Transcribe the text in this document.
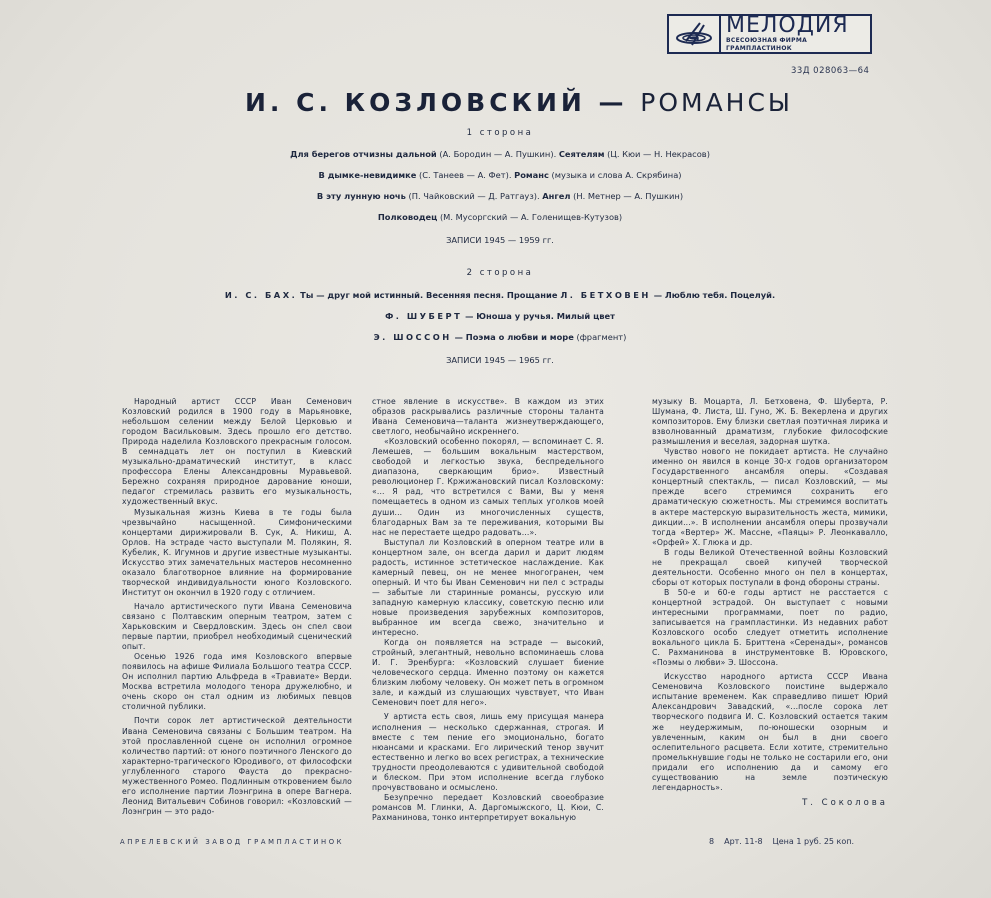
МЕЛОДИЯ
ВСЕСОЮЗНАЯ ФИРМА ГРАМПЛАСТИНОК
33Д 028063—64
И. С. КОЗЛОВСКИЙ — РОМАНСЫ
1 сторона
Для берегов отчизны дальной (А. Бородин — А. Пушкин). Сеятелям (Ц. Кюи — Н. Некрасов)
В дымке-невидимке (С. Танеев — А. Фет). Романс (музыка и слова А. Скрябина)
В эту лунную ночь (П. Чайковский — Д. Ратгауз). Ангел (Н. Метнер — А. Пушкин)
Полководец (М. Мусоргский — А. Голенищев-Кутузов)
ЗАПИСИ 1945 — 1959 гг.
2 сторона
И. С. БАХ. Ты — друг мой истинный. Весенняя песня. Прощание Л. БЕТХОВЕН — Люблю тебя. Поцелуй.
Ф. ШУБЕРТ — Юноша у ручья. Милый цвет
Э. ШОССОН — Поэма о любви и море (фрагмент)
ЗАПИСИ 1945 — 1965 гг.

Народный артист СССР Иван Семенович Козловский родился в 1900 году в Марьяновке, небольшом селении между Белой Церковью и городом Васильковым. Здесь прошло его детство. Природа наделила Козловского прекрасным голосом. В семнадцать лет он поступил в Киевский музыкально-драматический институт, в класс профессора Елены Александровны Муравьевой. Бережно сохраняя природное дарование юноши, педагог стремилась развить его музыкальность, художественный вкус.

Музыкальная жизнь Киева в те годы была чрезвычайно насыщенной. Симфоническими концертами дирижировали В. Сук, А. Никиш, А. Орлов. На эстраде часто выступали М. Полякин, Я. Кубелик, К. Игумнов и другие известные музыканты. Искусство этих замечательных мастеров несомненно оказало благотворное влияние на формирование творческой индивидуальности юного Козловского. Институт он окончил в 1920 году с отличием.

Начало артистического пути Ивана Семеновича связано с Полтавским оперным театром, затем с Харьковским и Свердловским. Здесь он спел свои первые партии, приобрел необходимый сценический опыт.

Осенью 1926 года имя Козловского впервые появилось на афише Филиала Большого театра СССР. Он исполнил партию Альфреда в «Травиате» Верди. Москва встретила молодого тенора дружелюбно, и очень скоро он стал одним из любимых певцов столичной публики.

Почти сорок лет артистической деятельности Ивана Семеновича связаны с Большим театром. На этой прославленной сцене он исполнил огромное количество партий: от юного поэтичного Ленского до характерно-трагического Юродивого, от философски углубленного старого Фауста до прекрасно-мужественного Ромео. Подлинным откровением было его исполнение партии Лоэнгрина в опере Вагнера. Леонид Витальевич Собинов говорил: «Козловский — Лоэнгрин — это радо-

стное явление в искусстве». В каждом из этих образов раскрывались различные стороны таланта Ивана Семеновича—таланта жизнеутверждающего, светлого, необычайно искреннего.

«Козловский особенно покорял, — вспоминает С. Я. Лемешев, — большим вокальным мастерством, свободой и легкостью звука, беспредельного диапазона, сверкающим брио». Известный революционер Г. Кржижановский писал Козловскому: «... Я рад, что встретился с Вами, Вы у меня помещаетесь в одном из самых теплых уголков моей души... Один из многочисленных существ, благодарных Вам за те переживания, которыми Вы нас не перестаете щедро радовать...».

Выступал ли Козловский в оперном театре или в концертном зале, он всегда дарил и дарит людям радость, истинное эстетическое наслаждение. Как камерный певец, он не менее многогранен, чем оперный. И что бы Иван Семенович ни пел с эстрады — забытые ли старинные романсы, русскую или западную камерную классику, советскую песню или новые произведения зарубежных композиторов, выбранное им всегда свежо, значительно и интересно.

Когда он появляется на эстраде — высокий, стройный, элегантный, невольно вспоминаешь слова И. Г. Эренбурга: «Козловский слушает биение человеческого сердца. Именно поэтому он кажется близким любому человеку. Он может петь в огромном зале, и каждый из слушающих чувствует, что Иван Семенович поет для него».

У артиста есть своя, лишь ему присущая манера исполнения — несколько сдержанная, строгая. И вместе с тем пение его эмоционально, богато нюансами и красками. Его лирический тенор звучит естественно и легко во всех регистрах, а технические трудности преодолеваются с удивительной свободой и блеском. При этом исполнение всегда глубоко прочувствовано и осмыслено.

Безупречно передает Козловский своеобразие романсов М. Глинки, А. Даргомыжского, Ц. Кюи, С. Рахманинова, тонко интерпретирует вокальную

музыку В. Моцарта, Л. Бетховена, Ф. Шуберта, Р. Шумана, Ф. Листа, Ш. Гуно, Ж. Б. Векерлена и других композиторов. Ему близки светлая поэтичная лирика и взволнованный драматизм, глубокие философские размышления и веселая, задорная шутка.

Чувство нового не покидает артиста. Не случайно именно он явился в конце 30-х годов организатором Государственного ансамбля оперы. «Создавая концертный спектакль, — писал Козловский, — мы прежде всего стремимся сохранить его драматическую сюжетность. Мы стремимся воспитать в актере мастерскую выразительность жеста, мимики, дикции...». В исполнении ансамбля оперы прозвучали тогда «Вертер» Ж. Массне, «Паяцы» Р. Леонкавалло, «Орфей» Х. Глюка и др.

В годы Великой Отечественной войны Козловский не прекращал своей кипучей творческой деятельности. Особенно много он пел в концертах, сборы от которых поступали в фонд обороны страны.

В 50-е и 60-е годы артист не расстается с концертной эстрадой. Он выступает с новыми интересными программами, поет по радио, записывается на грампластинки. Из недавних работ Козловского особо следует отметить исполнение вокального цикла Б. Бриттена «Серенады», романсов С. Рахманинова в инструментовке В. Юровского, «Поэмы о любви» Э. Шоссона.

Искусство народного артиста СССР Ивана Семеновича Козловского поистине выдержало испытание временем. Как справедливо пишет Юрий Александрович Завадский, «...после сорока лет творческого подвига И. С. Козловский остается таким же неудержимым, по-юношески озорным и увлеченным, каким он был в дни своего ослепительного расцвета. Если хотите, стремительно промелькнувшие годы не только не состарили его, они придали его исполнению да и самому его существованию на земле поэтическую легендарность».

Т. Соколова
АПРЕЛЕВСКИЙ ЗАВОД ГРАМПЛАСТИНОК	8 Арт. 11-8 Цена 1 руб. 25 коп.
